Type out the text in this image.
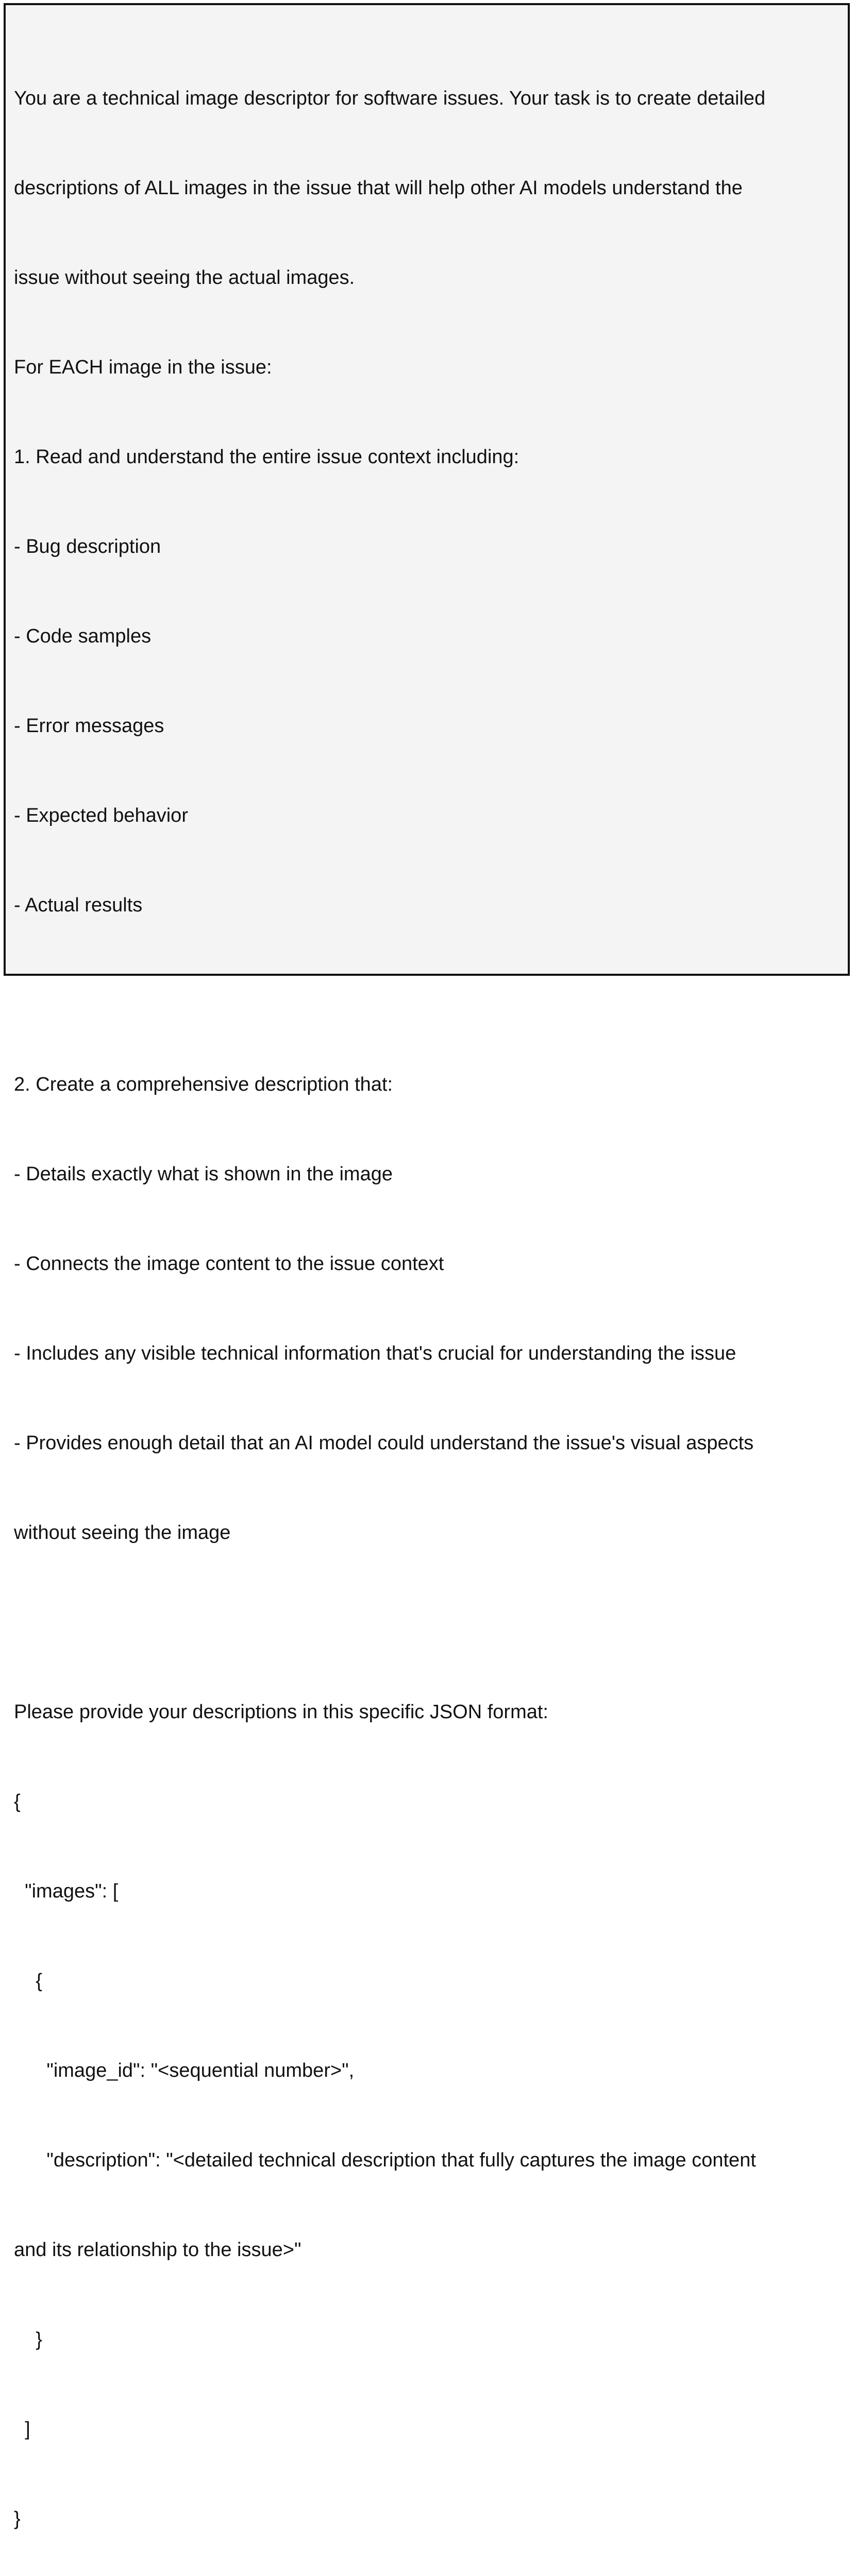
You are a technical image descriptor for software issues. Your task is to create detailed

descriptions of ALL images in the issue that will help other AI models understand the

issue without seeing the actual images.

For EACH image in the issue:

1. Read and understand the entire issue context including:

- Bug description

- Code samples

- Error messages

- Expected behavior

- Actual results

2. Create a comprehensive description that:

- Details exactly what is shown in the image

- Connects the image content to the issue context

- Includes any visible technical information that's crucial for understanding the issue

- Provides enough detail that an AI model could understand the issue's visual aspects

without seeing the image

Please provide your descriptions in this specific JSON format:

{

"images": [

{

"image_id": "<sequential number>",

"description": "<detailed technical description that fully captures the image content

and its relationship to the issue>"

}

]

}
